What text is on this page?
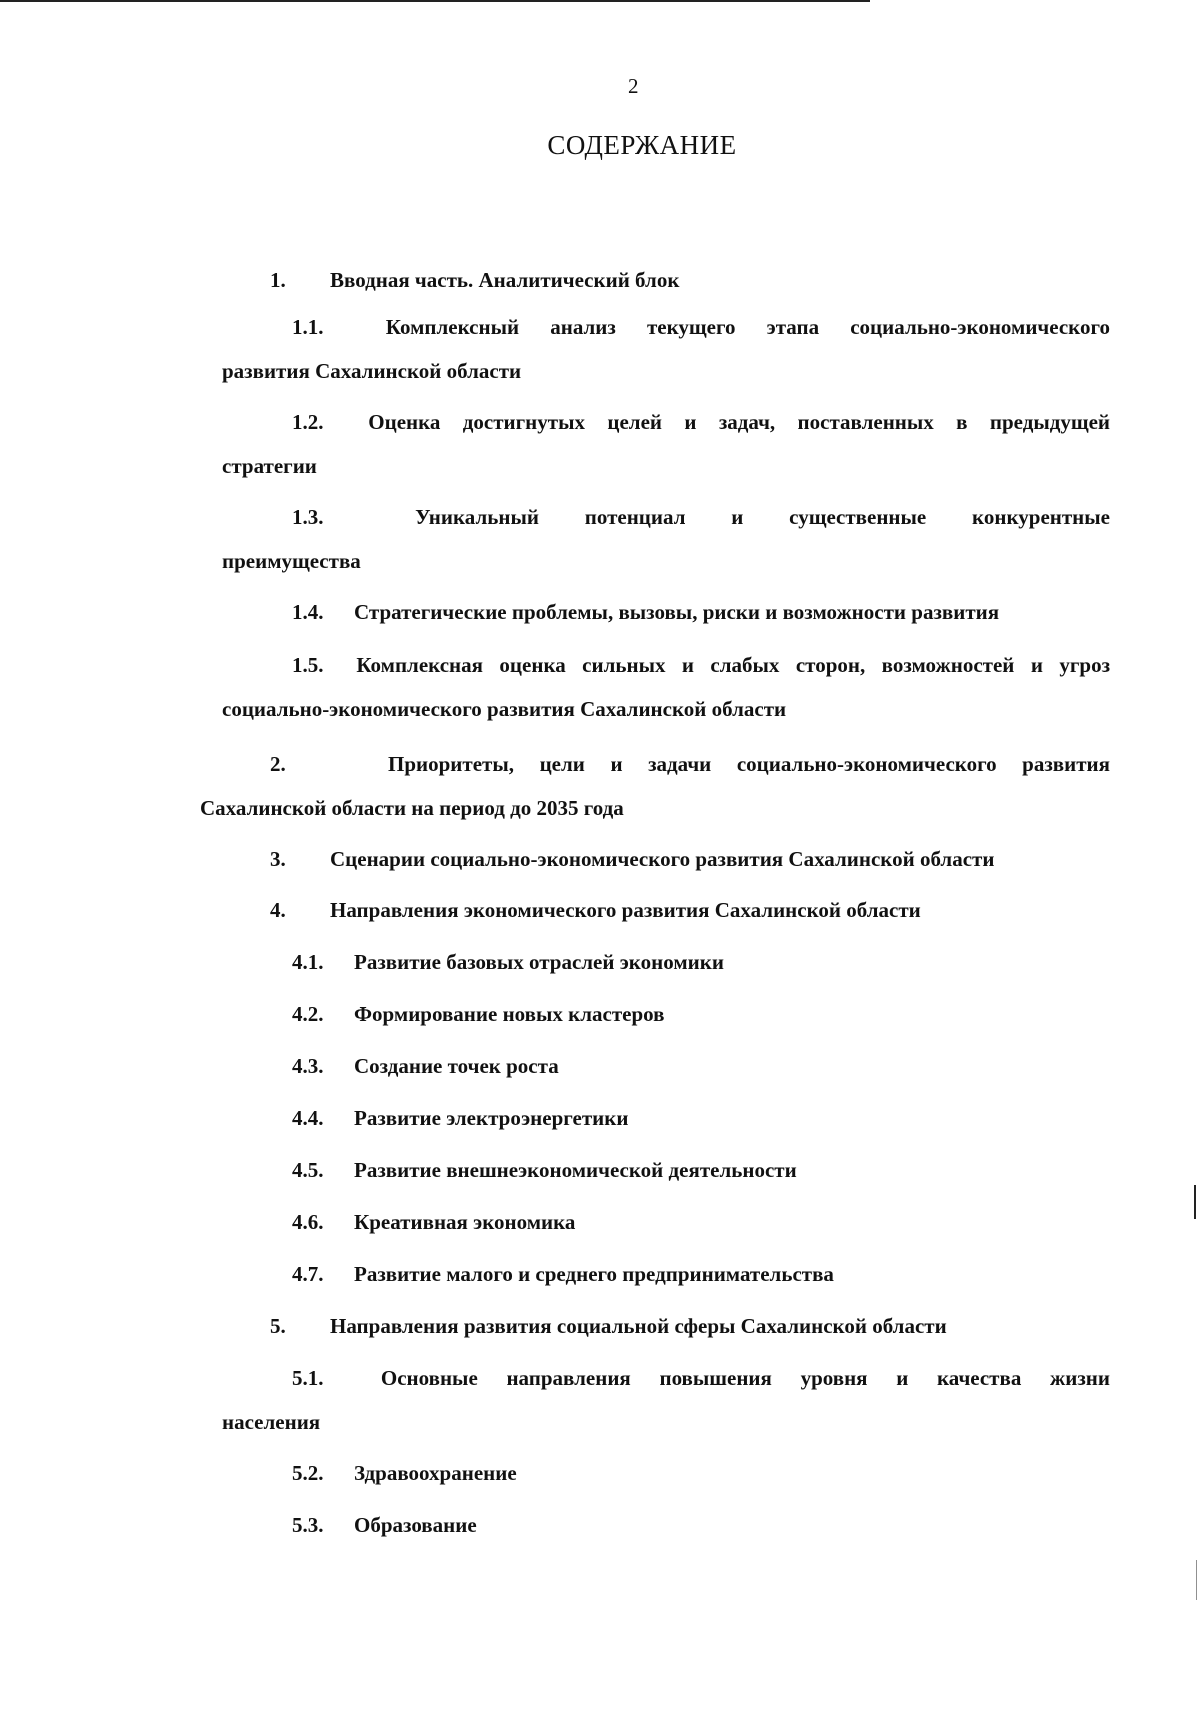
2
СОДЕРЖАНИЕ
1. Вводная часть. Аналитический блок
1.1.	Комплексный анализ текущего этапа социально-экономического
развития Сахалинской области
1.2. Оценка достигнутых целей и задач, поставленных в предыдущей
стратегии
1.3.	Уникальный потенциал и существенные конкурентные
преимущества
1.4. Стратегические проблемы, вызовы, риски и возможности развития
1.5. Комплексная оценка сильных и слабых сторон, возможностей и угроз
социально-экономического развития Сахалинской области
2.	Приоритеты, цели и задачи социально-экономического развития
Сахалинской области на период до 2035 года
3. Сценарии социально-экономического развития Сахалинской области
4. Направления экономического развития Сахалинской области
4.1. Развитие базовых отраслей экономики
4.2. Формирование новых кластеров
4.3. Создание точек роста
4.4. Развитие электроэнергетики
4.5. Развитие внешнеэкономической деятельности
4.6. Креативная экономика
4.7. Развитие малого и среднего предпринимательства
5. Направления развития социальной сферы Сахалинской области
5.1.	Основные направления повышения уровня и качества жизни
населения
5.2. Здравоохранение
5.3. Образование
